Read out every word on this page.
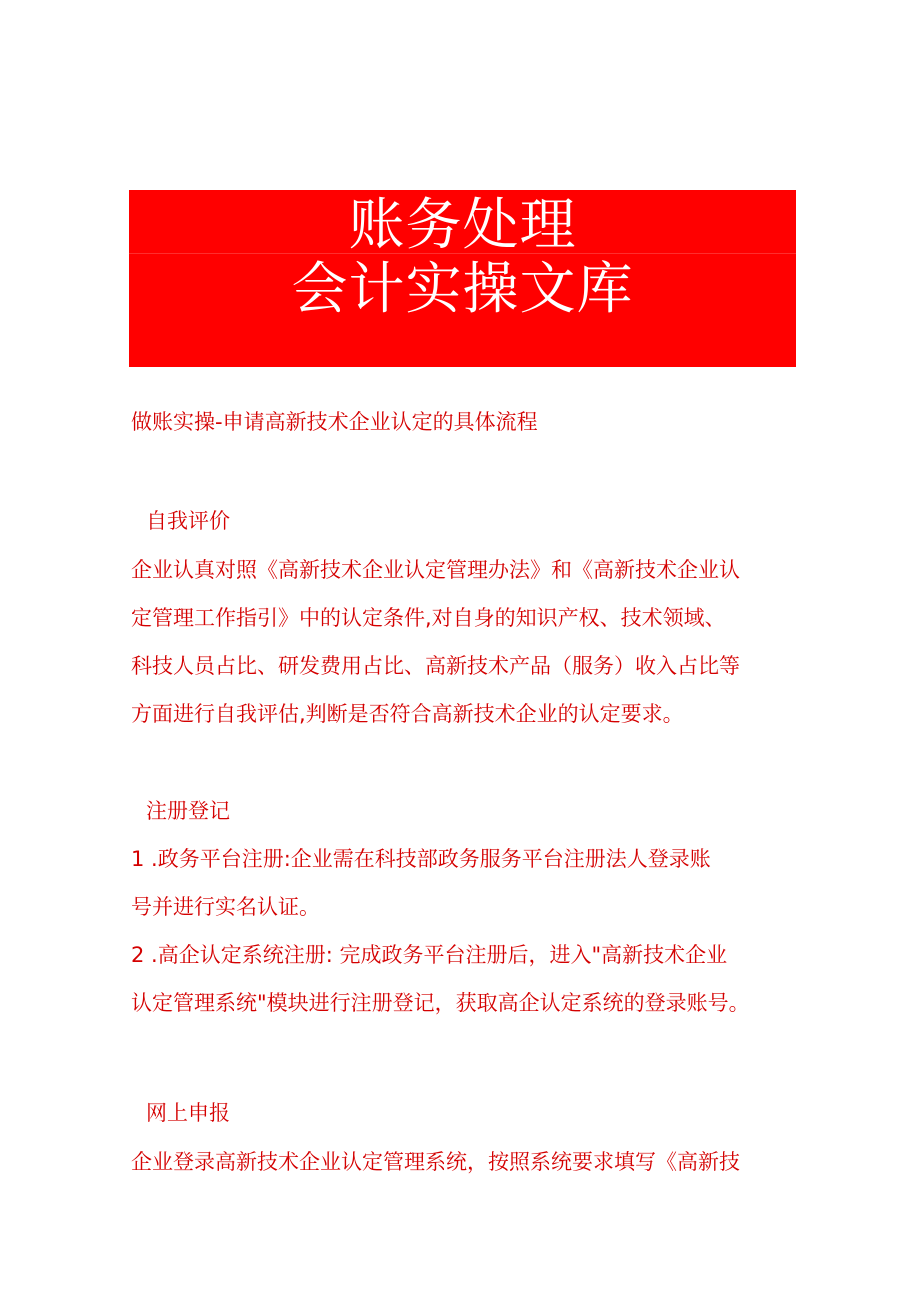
账务处理
会计实操文库
做账实操-申请高新技术企业认定的具体流程
自我评价
企业认真对照《高新技术企业认定管理办法》和《高新技术企业认
定管理工作指引》中的认定条件,对自身的知识产权、技术领域、
科技人员占比、研发费用占比、高新技术产品（服务）收入占比等
方面进行自我评估,判断是否符合高新技术企业的认定要求。
注册登记
1 .政务平台注册:企业需在科技部政务服务平台注册法人登录账
号并进行实名认证。
2 .高企认定系统注册: 完成政务平台注册后，进入"高新技术企业
认定管理系统"模块进行注册登记，获取高企认定系统的登录账号。
网上申报
企业登录高新技术企业认定管理系统，按照系统要求填写《高新技
